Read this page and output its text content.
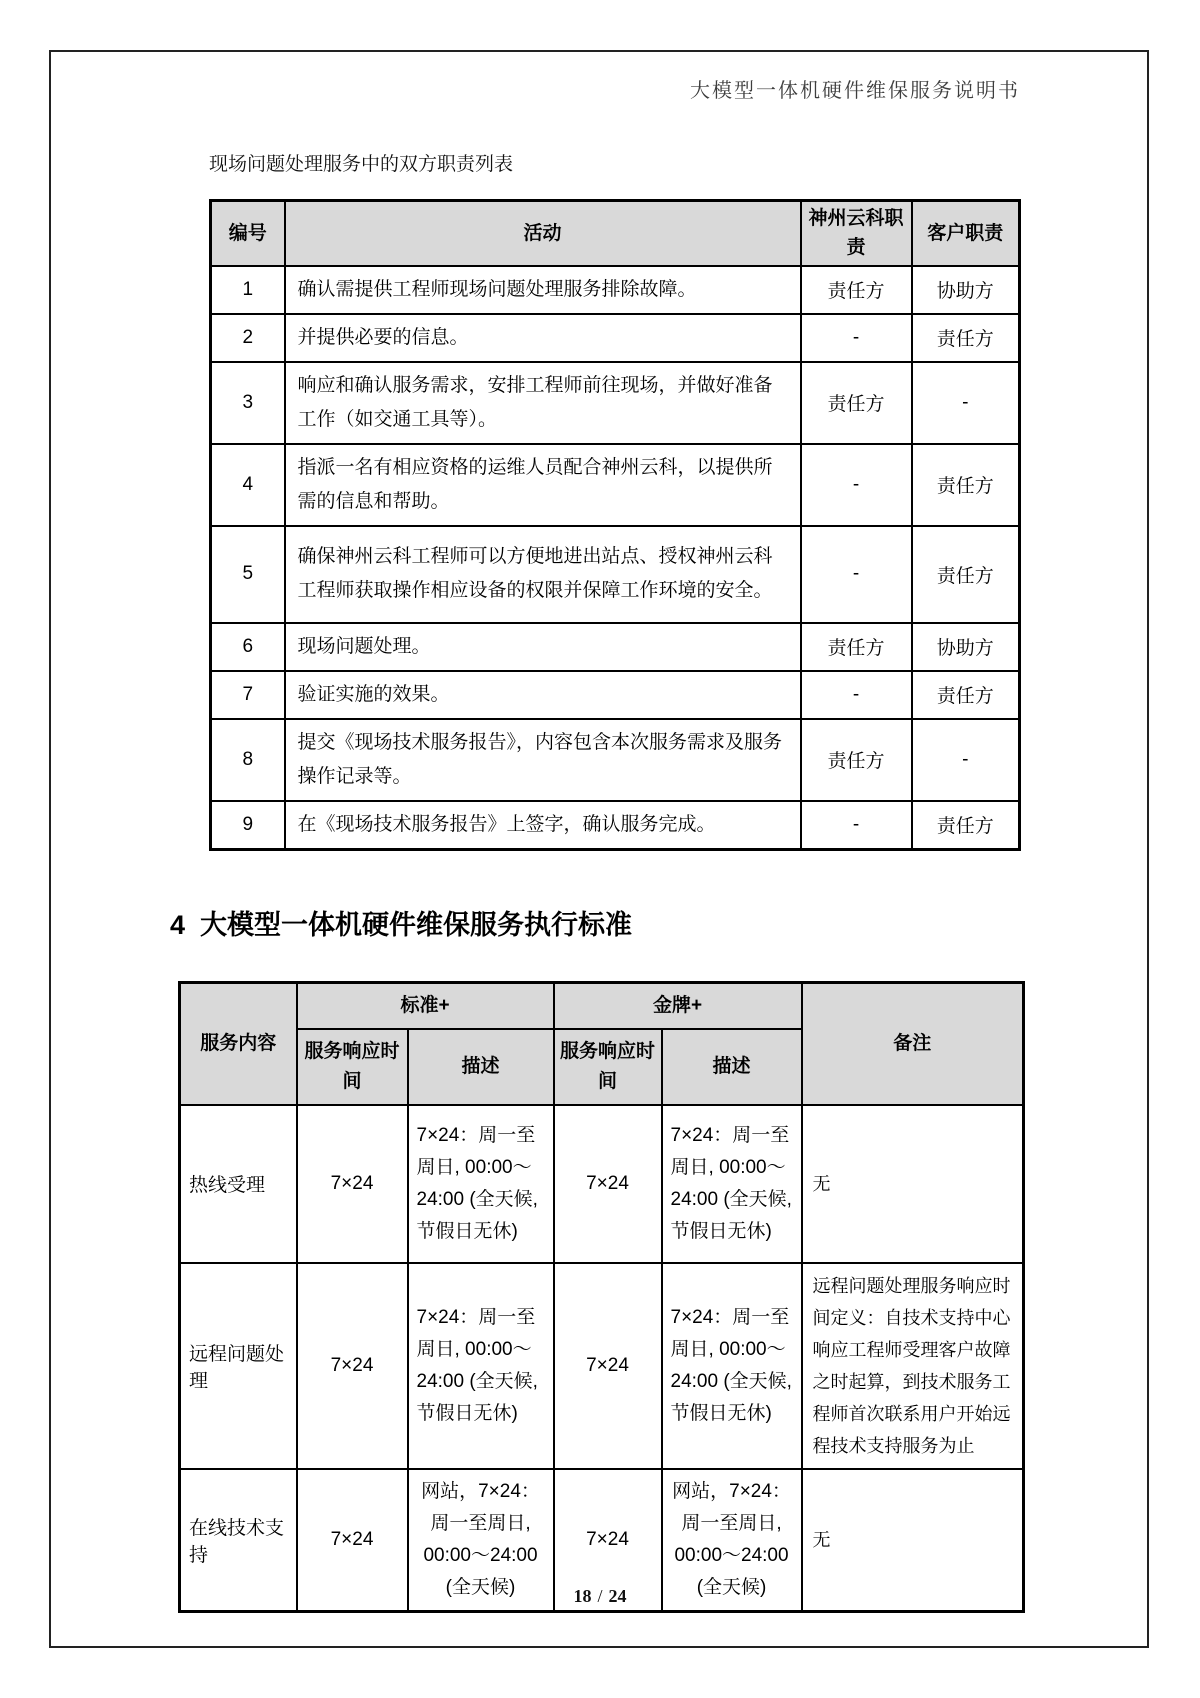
大模型一体机硬件维保服务说明书
现场问题处理服务中的双方职责列表
编号	活动	神州云科职责	客户职责
1	确认需提供工程师现场问题处理服务排除故障。	责任方	协助方
2	并提供必要的信息。	-	责任方
3	响应和确认服务需求，安排工程师前往现场，并做好准备工作（如交通工具等）。	责任方	-
4	指派一名有相应资格的运维人员配合神州云科，以提供所需的信息和帮助。	-	责任方
5	确保神州云科工程师可以方便地进出站点、授权神州云科工程师获取操作相应设备的权限并保障工作环境的安全。	-	责任方
6	现场问题处理。	责任方	协助方
7	验证实施的效果。	-	责任方
8	提交《现场技术服务报告》，内容包含本次服务需求及服务操作记录等。	责任方	-
9	在《现场技术服务报告》上签字，确认服务完成。	-	责任方
4 大模型一体机硬件维保服务执行标准
服务内容	标准+		金牌+		备注
	服务响应时间	描述	服务响应时间	描述	
热线受理	7×24	7×24：周一至
周日, 00:00～
24:00 (全天候,
节假日无休)	7×24	7×24：周一至
周日, 00:00～
24:00 (全天候,
节假日无休)	无
远程问题处理	7×24	7×24：周一至
周日, 00:00～
24:00 (全天候,
节假日无休)	7×24	7×24：周一至
周日, 00:00～
24:00 (全天候,
节假日无休)	远程问题处理服务响应时间定义：自技术支持中心响应工程师受理客户故障之时起算，到技术服务工程师首次联系用户开始远程技术支持服务为止
在线技术支持	7×24	网站，7×24：
周一至周日,
00:00～24:00
(全天候)	7×24	网站，7×24：
周一至周日,
00:00～24:00
(全天候)	无
18 / 24
